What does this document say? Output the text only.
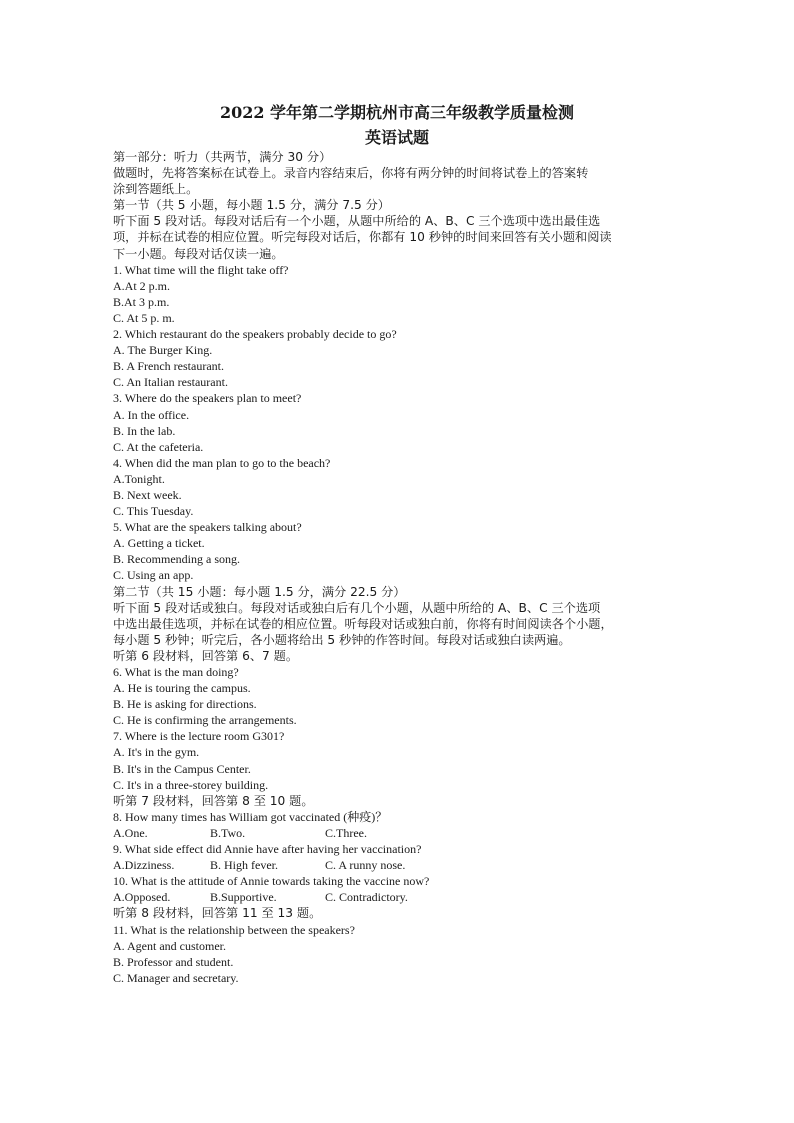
2022 学年第二学期杭州市高三年级教学质量检测
英语试题
第一部分：听力（共两节，满分 30 分）
做题时，先将答案标在试卷上。录音内容结束后，你将有两分钟的时间将试卷上的答案转
涂到答题纸上。
第一节（共 5 小题，每小题 1.5 分，满分 7.5 分）
听下面 5 段对话。每段对话后有一个小题，从题中所给的 A、B、C 三个选项中选出最佳选
项，并标在试卷的相应位置。听完每段对话后，你都有 10 秒钟的时间来回答有关小题和阅读
下一小题。每段对话仅读一遍。
1. What time will the flight take off?
A.At 2 p.m.
B.At 3 p.m.
C. At 5 p. m.
2. Which restaurant do the speakers probably decide to go?
A. The Burger King.
B. A French restaurant.
C. An Italian restaurant.
3. Where do the speakers plan to meet?
A. In the office.
B. In the lab.
C. At the cafeteria.
4. When did the man plan to go to the beach?
A.Tonight.
B. Next week.
C. This Tuesday.
5. What are the speakers talking about?
A. Getting a ticket.
B. Recommending a song.
C. Using an app.
第二节（共 15 小题：每小题 1.5 分，满分 22.5 分）
听下面 5 段对话或独白。每段对话或独白后有几个小题，从题中所给的 A、B、C 三个选项
中选出最佳选项，并标在试卷的相应位置。听每段对话或独白前，你将有时间阅读各个小题，
每小题 5 秒钟；听完后，各小题将给出 5 秒钟的作答时间。每段对话或独白读两遍。
听第 6 段材料，回答第 6、7 题。
6. What is the man doing?
A. He is touring the campus.
B. He is asking for directions.
C. He is confirming the arrangements.
7. Where is the lecture room G301?
A. It's in the gym.
B. It's in the Campus Center.
C. It's in a three-storey building.
听第 7 段材料，回答第 8 至 10 题。
8. How many times has William got vaccinated (种疫)？
A.One.	B.Two.	C.Three.
9. What side effect did Annie have after having her vaccination?
A.Dizziness.	B. High fever.	C. A runny nose.
10. What is the attitude of Annie towards taking the vaccine now?
A.Opposed.	B.Supportive.	C. Contradictory.
听第 8 段材料，回答第 11 至 13 题。
11. What is the relationship between the speakers?
A. Agent and customer.
B. Professor and student.
C. Manager and secretary.
